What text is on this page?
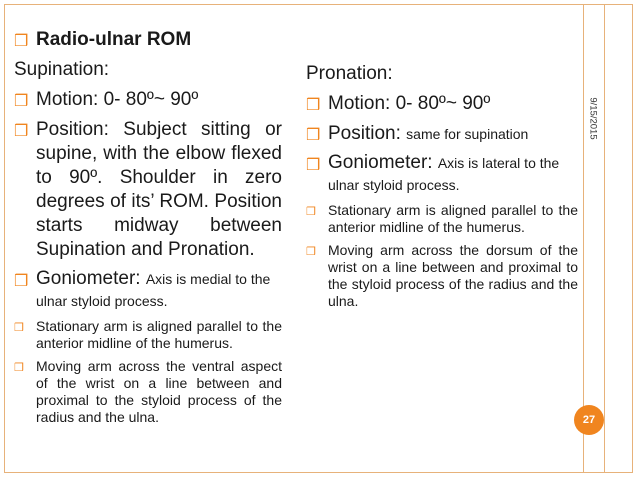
9/15/2015
27
❒ Radio-ulnar ROM
Supination:
❒ Motion: 0- 80º~ 90º
❒ Position: Subject sitting or supine, with the elbow flexed to 90º. Shoulder in zero degrees of its’ ROM. Position starts midway between Supination and Pronation.
❒ Goniometer: Axis is medial to the ulnar styloid process.
❒ Stationary arm is aligned parallel to the anterior midline of the humerus.
❒ Moving arm across the ventral aspect of the wrist on a line between and proximal to the styloid process of the radius and the ulna.
Pronation:
❒ Motion: 0- 80º~ 90º
❒ Position: same for supination
❒ Goniometer: Axis is lateral to the ulnar styloid process.
❒ Stationary arm is aligned parallel to the anterior midline of the humerus.
❒ Moving arm across the dorsum of the wrist on a line between and proximal to the styloid process of the radius and the ulna.
